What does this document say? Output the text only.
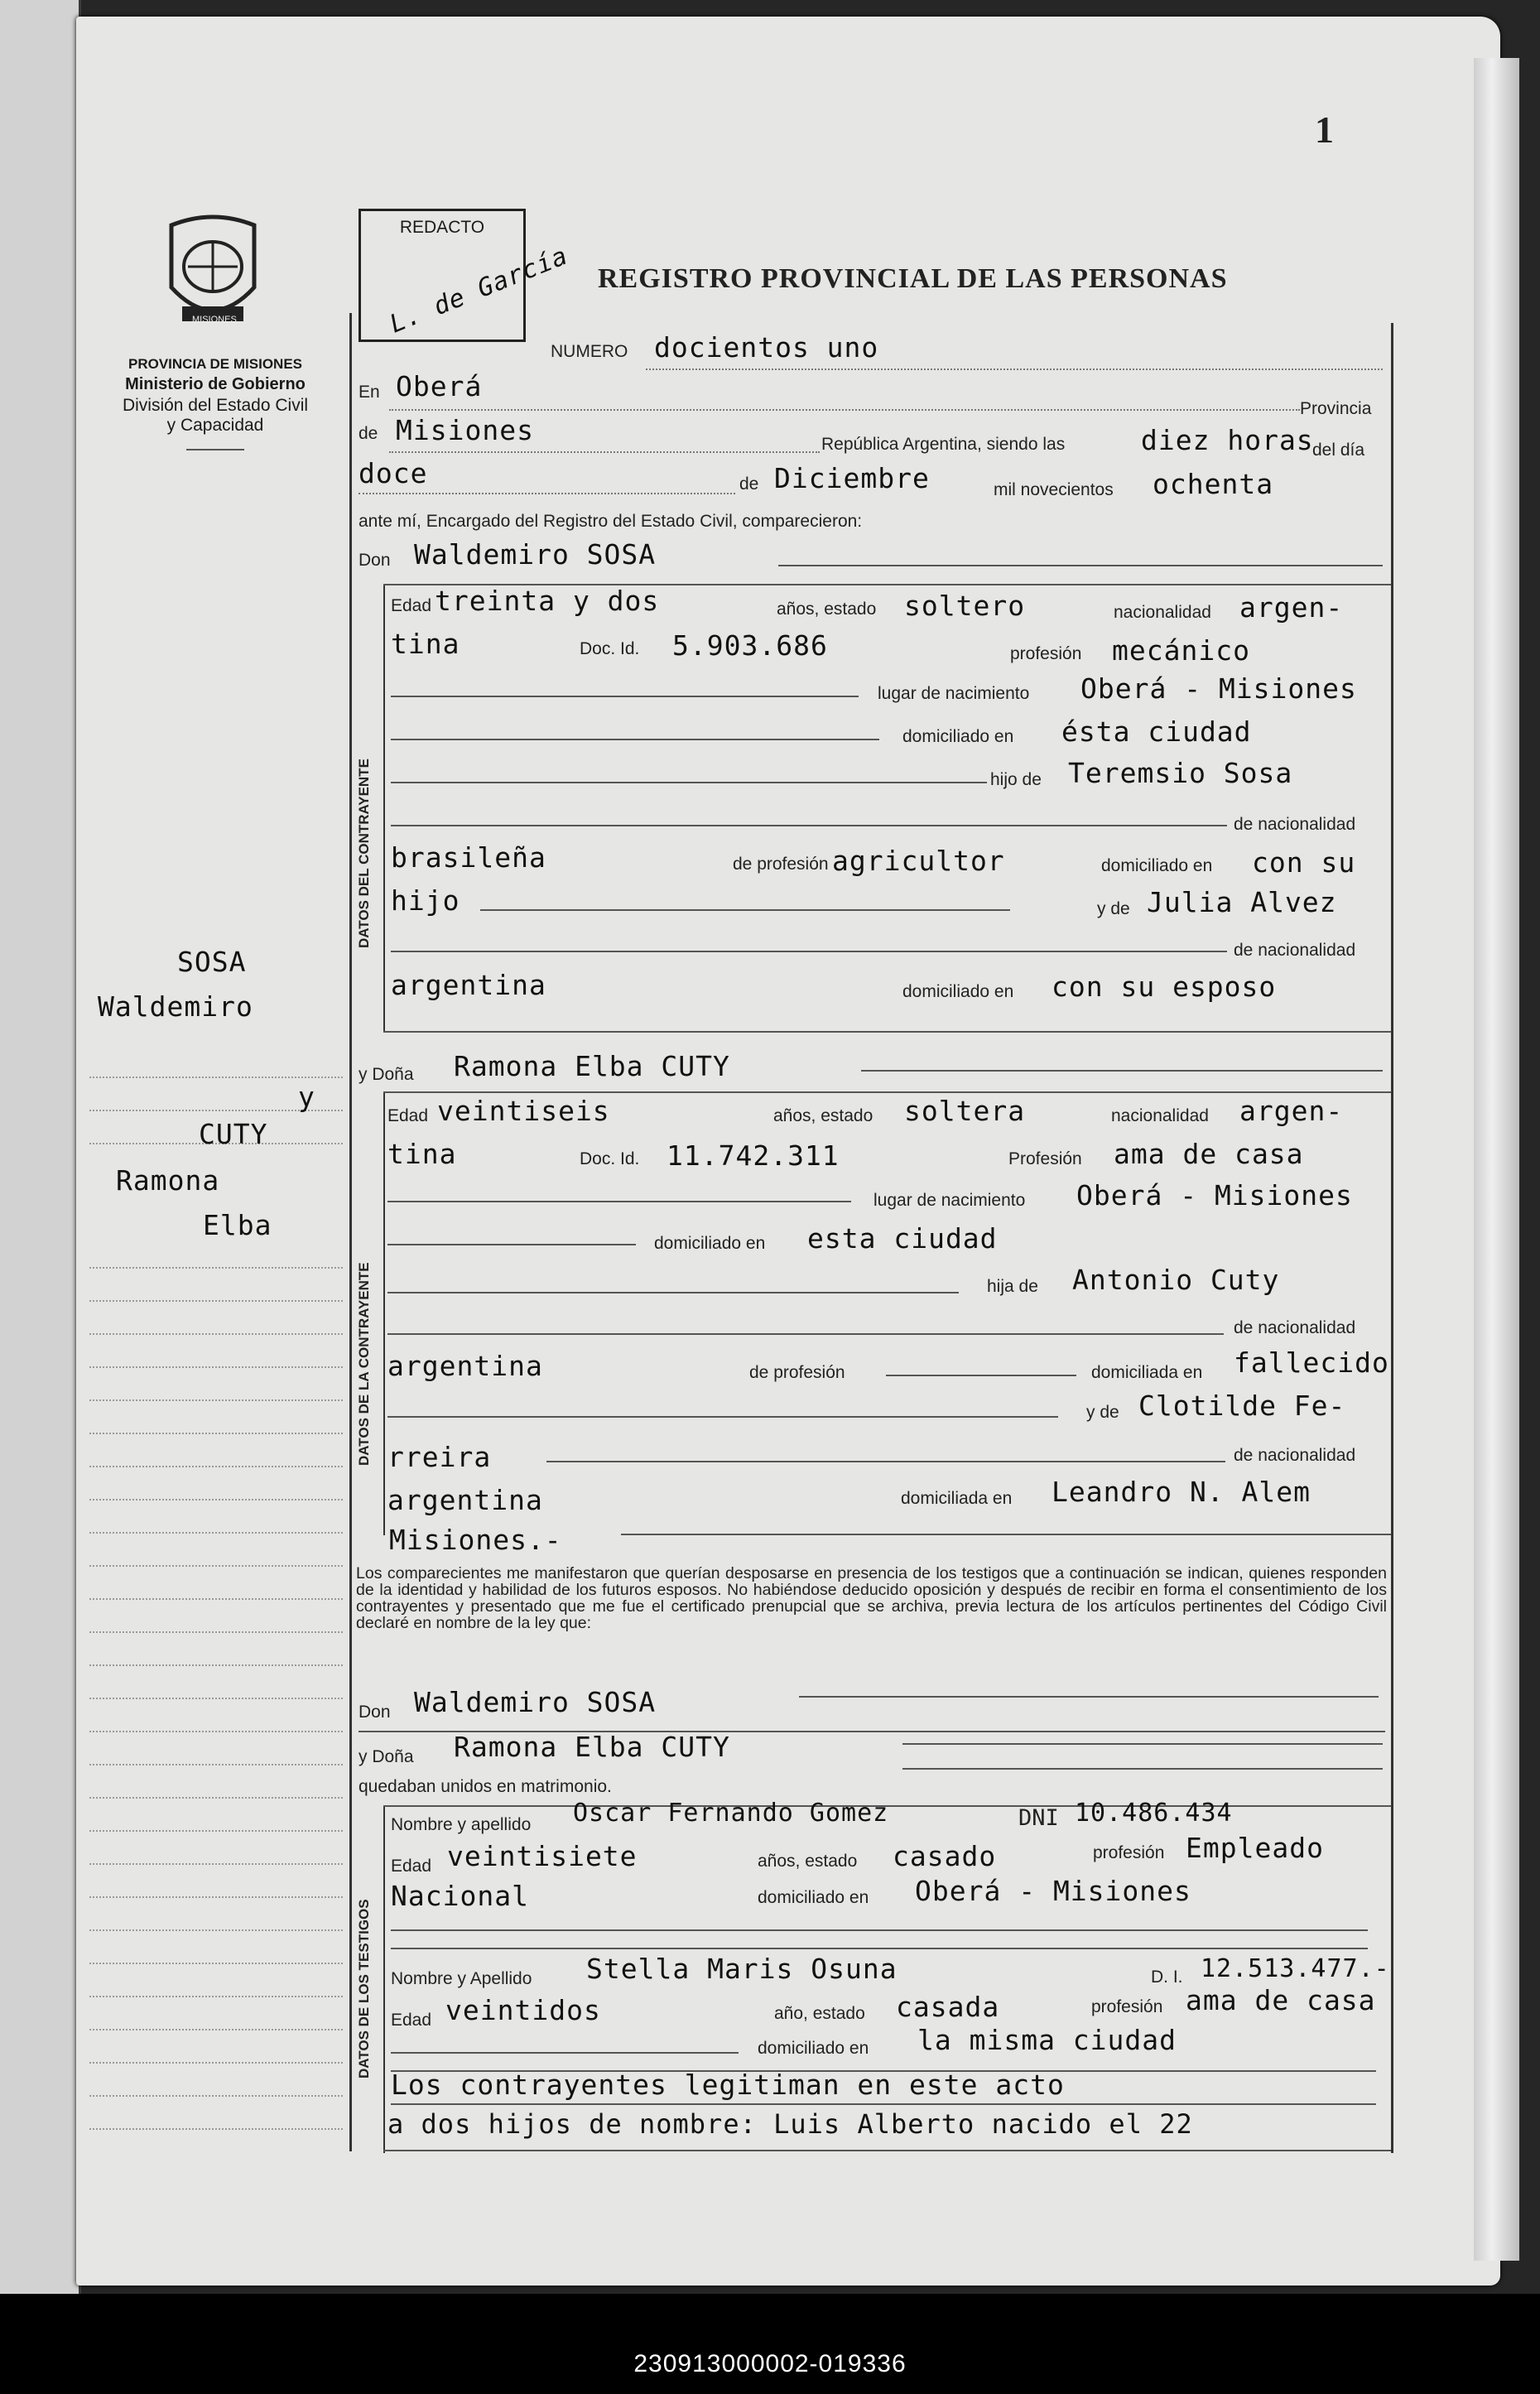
1
MISIONES
PROVINCIA DE MISIONES
Ministerio de Gobierno
División del Estado Civil
y Capacidad
REDACTO
L. de García REGISTRO PROVINCIAL DE LAS PERSONAS
DATOS DEL CONTRAYENTE
DATOS DE LA CONTRAYENTE
DATOS DE LOS TESTIGOS
SOSA
Waldemiro
y
CUTY
Ramona
Elba
NUMERO docientos uno
En Oberá
Provincia
de Misiones	República Argentina, siendo las	diez horas
del día
doce	de Diciembre	mil novecientos ochenta
ante mí, Encargado del Registro del Estado Civil, comparecieron:
Don Waldemiro SOSA
Edad treinta y dos	años, estado soltero	nacionalidad argen-
tina	Doc. Id. 5.903.686	profesión mecánico
lugar de nacimiento Oberá - Misiones
domiciliado en ésta ciudad
hijo de Teremsio Sosa
de nacionalidad
brasileña	de profesión agricultor	domiciliado en con su
hijo	y de Julia Alvez
de nacionalidad
argentina	domiciliado en con su esposo
y Doña Ramona Elba CUTY
Edad veintiseis	años, estado soltera	nacionalidad argen-
tina	Doc. Id. 11.742.311	Profesión ama de casa
lugar de nacimiento Oberá - Misiones
domiciliado en esta ciudad
hija de Antonio Cuty
de nacionalidad
argentina	de profesión	domiciliada en fallecido
y de Clotilde Fe-
rreira	de nacionalidad
argentina	domiciliada en Leandro N. Alem
Misiones.-
Los comparecientes me manifestaron que querían desposarse en presencia de los testigos que a continuación se indican, quienes responden de la identidad y habilidad de los futuros esposos. No habiéndose deducido oposición y después de recibir en forma el consentimiento de los contrayentes y presentado que me fue el certificado prenupcial que se archiva, previa lectura de los artículos pertinentes del Código Civil declaré en nombre de la ley que:
Don Waldemiro SOSA
y Doña Ramona Elba CUTY
quedaban unidos en matrimonio.
Nombre y apellido Oscar Fernando Gomez	DNI 10.486.434
Edad veintisiete	años, estado casado	profesión Empleado
Nacional	domiciliado en Oberá - Misiones
Nombre y Apellido Stella Maris Osuna	D. I. 12.513.477.-
Edad veintidos	año, estado casada	profesión ama de casa
domiciliado en la misma ciudad
Los contrayentes legitiman en este acto
a dos hijos de nombre: Luis Alberto nacido el 22
230913000002-019336
